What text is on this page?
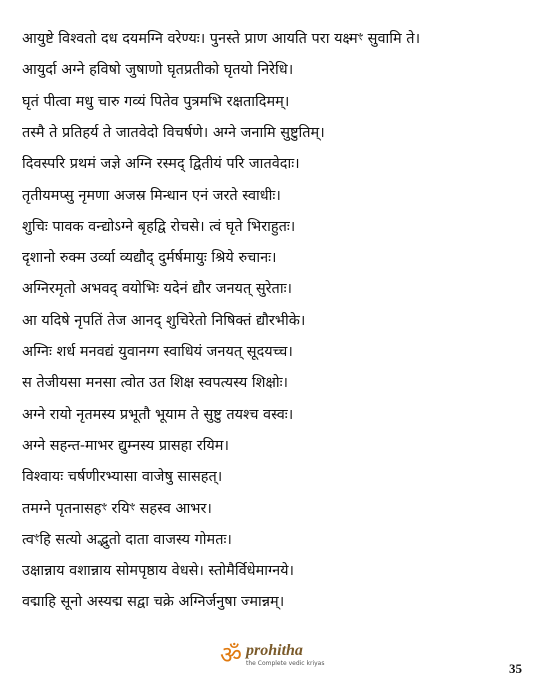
आयुष्टे विश्वतो दध दयमग्नि वरेण्यः। पुनस्ते प्राण आयति परा यक्ष्मꣳ सुवामि ते।
आयुर्दा अग्ने हविषो जुषाणो घृतप्रतीको घृतयो निरेधि।
घृतं पीत्वा मधु चारु गव्यं पितेव पुत्रमभि रक्षतादिमम्।
तस्मै ते प्रतिहर्य ते जातवेदो विचर्षणे। अग्ने जनामि सुष्टुतिम्।
दिवस्परि प्रथमं जज्ञे अग्नि रस्मद् द्वितीयं परि जातवेदाः।
तृतीयमप्सु नृमणा अजस्र मिन्धान एनं जरते स्वाधीः।
शुचिः पावक वन्द्योऽग्ने बृहद्वि रोचसे। त्वं घृते भिराहुतः।
दृशानो रुक्म उर्व्या व्यद्यौद् दुर्मर्षमायुः श्रिये रुचानः।
अग्निरमृतो अभवद् वयोभिः यदेनं द्यौर जनयत् सुरेताः।
आ यदिषे नृपतिं तेज आनद् शुचिरेतो निषिक्तं द्यौरभीके।
अग्निः शर्ध मनवद्यं युवानग्ग स्वाधियं जनयत् सूदयच्च।
स तेजीयसा मनसा त्वोत उत शिक्ष स्वपत्यस्य शिक्षोः।
अग्ने रायो नृतमस्य प्रभूतौ भूयाम ते सुष्टु तयश्च वस्वः।
अग्ने सहन्त-माभर द्युम्नस्य प्रासहा रयिम।
विश्वायः चर्षणीरभ्यासा वाजेषु सासहत्।
तमग्ने पृतनासहꣳ रयिꣳ सहस्व आभर।
त्वꣳहि सत्यो अद्भुतो दाता वाजस्य गोमतः।
उक्षान्नाय वशान्नाय सोमपृष्ठाय वेधसे। स्तोमैर्विधेमाग्नये।
वद्माहि सूनो अस्यद्म सद्वा चक्रे अग्निर्जनुषा ज्मान्नम्।
ॐ prohitha
the Complete vedic kriyas	35
